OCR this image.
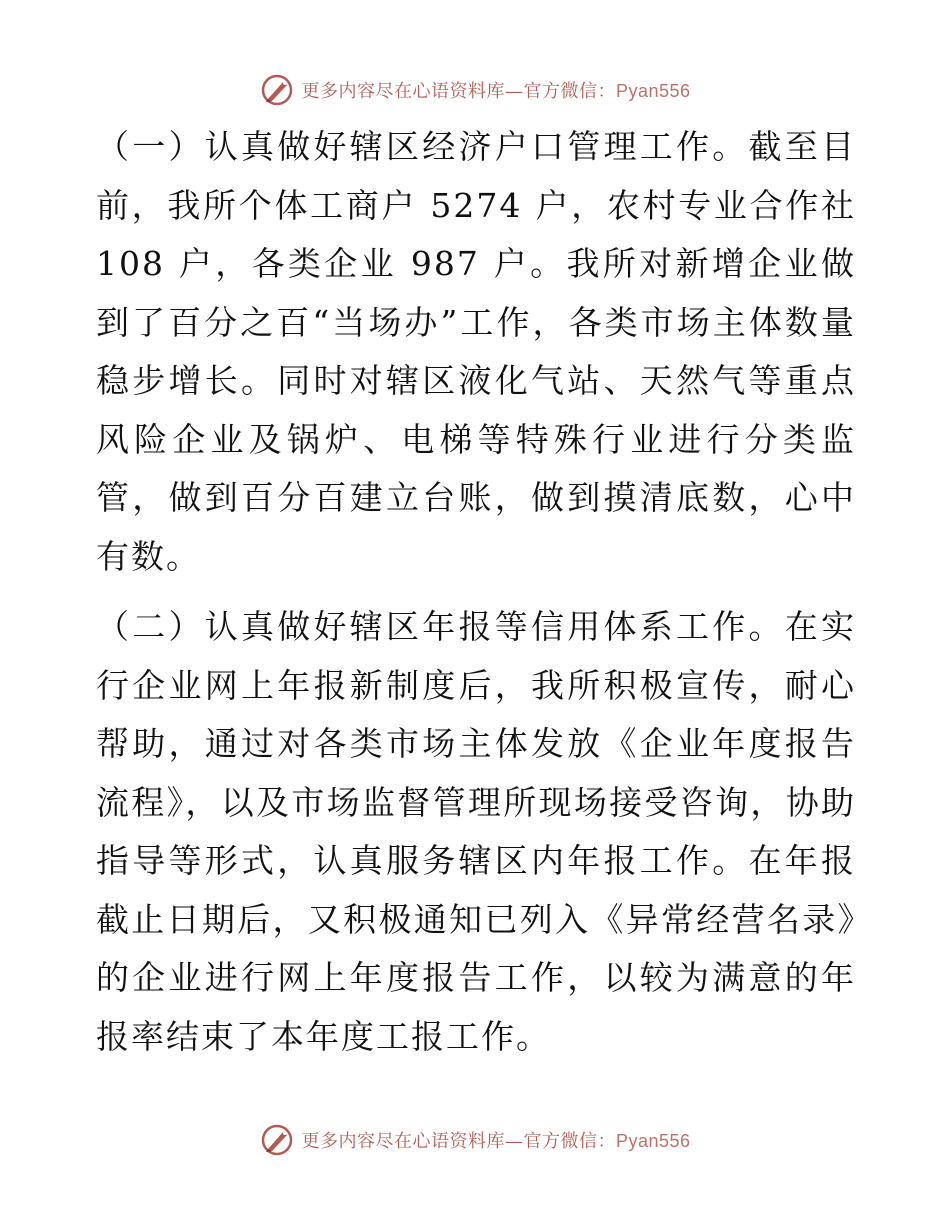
更多内容尽在心语资料库—官方微信：Pyan556

（一）认真做好辖区经济户口管理工作。截至目前，我所个体工商户 5274 户，农村专业合作社 108 户，各类企业 987 户。我所对新增企业做到了百分之百“当场办”工作，各类市场主体数量稳步增长。同时对辖区液化气站、天然气等重点风险企业及锅炉、电梯等特殊行业进行分类监管，做到百分百建立台账，做到摸清底数，心中有数。

（二）认真做好辖区年报等信用体系工作。在实行企业网上年报新制度后，我所积极宣传，耐心帮助，通过对各类市场主体发放《企业年度报告流程》，以及市场监督管理所现场接受咨询，协助指导等形式，认真服务辖区内年报工作。在年报截止日期后，又积极通知已列入《异常经营名录》的企业进行网上年度报告工作，以较为满意的年报率结束了本年度工报工作。

更多内容尽在心语资料库—官方微信：Pyan556
